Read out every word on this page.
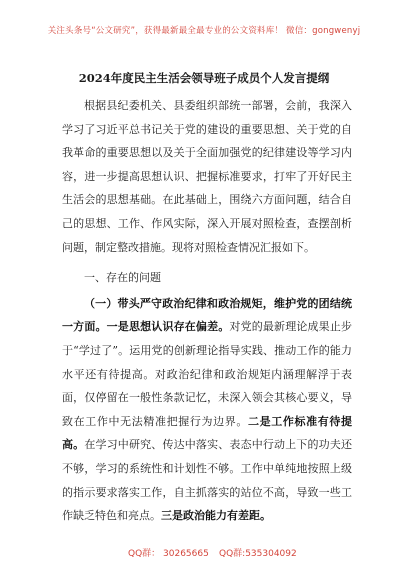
关注头条号“公文研究”，获得最新最全最专业的公文资料库！ 微信：gongwenyj
2024年度民主生活会领导班子成员个人发言提纲

根据县纪委机关、县委组织部统一部署，会前，我深入学习了习近平总书记关于党的建设的重要思想、关于党的自我革命的重要思想以及关于全面加强党的纪律建设等学习内容，进一步提高思想认识、把握标准要求，打牢了开好民主生活会的思想基础。在此基础上，围绕六方面问题，结合自己的思想、工作、作风实际，深入开展对照检查，查摆剖析问题，制定整改措施。现将对照检查情况汇报如下。

一、存在的问题

（一）带头严守政治纪律和政治规矩，维护党的团结统一方面。一是思想认识存在偏差。对党的最新理论成果止步于“学过了”。运用党的创新理论指导实践、推动工作的能力水平还有待提高。对政治纪律和政治规矩内涵理解浮于表面，仅停留在一般性条款记忆，未深入领会其核心要义，导致在工作中无法精准把握行为边界。二是工作标准有待提高。在学习中研究、传达中落实、表态中行动上下的功夫还不够，学习的系统性和计划性不够。工作中单纯地按照上级的指示要求落实工作，自主抓落实的站位不高，导致一些工作缺乏特色和亮点。三是政治能力有差距。

QQ群： 30265665 QQ群:535304092
